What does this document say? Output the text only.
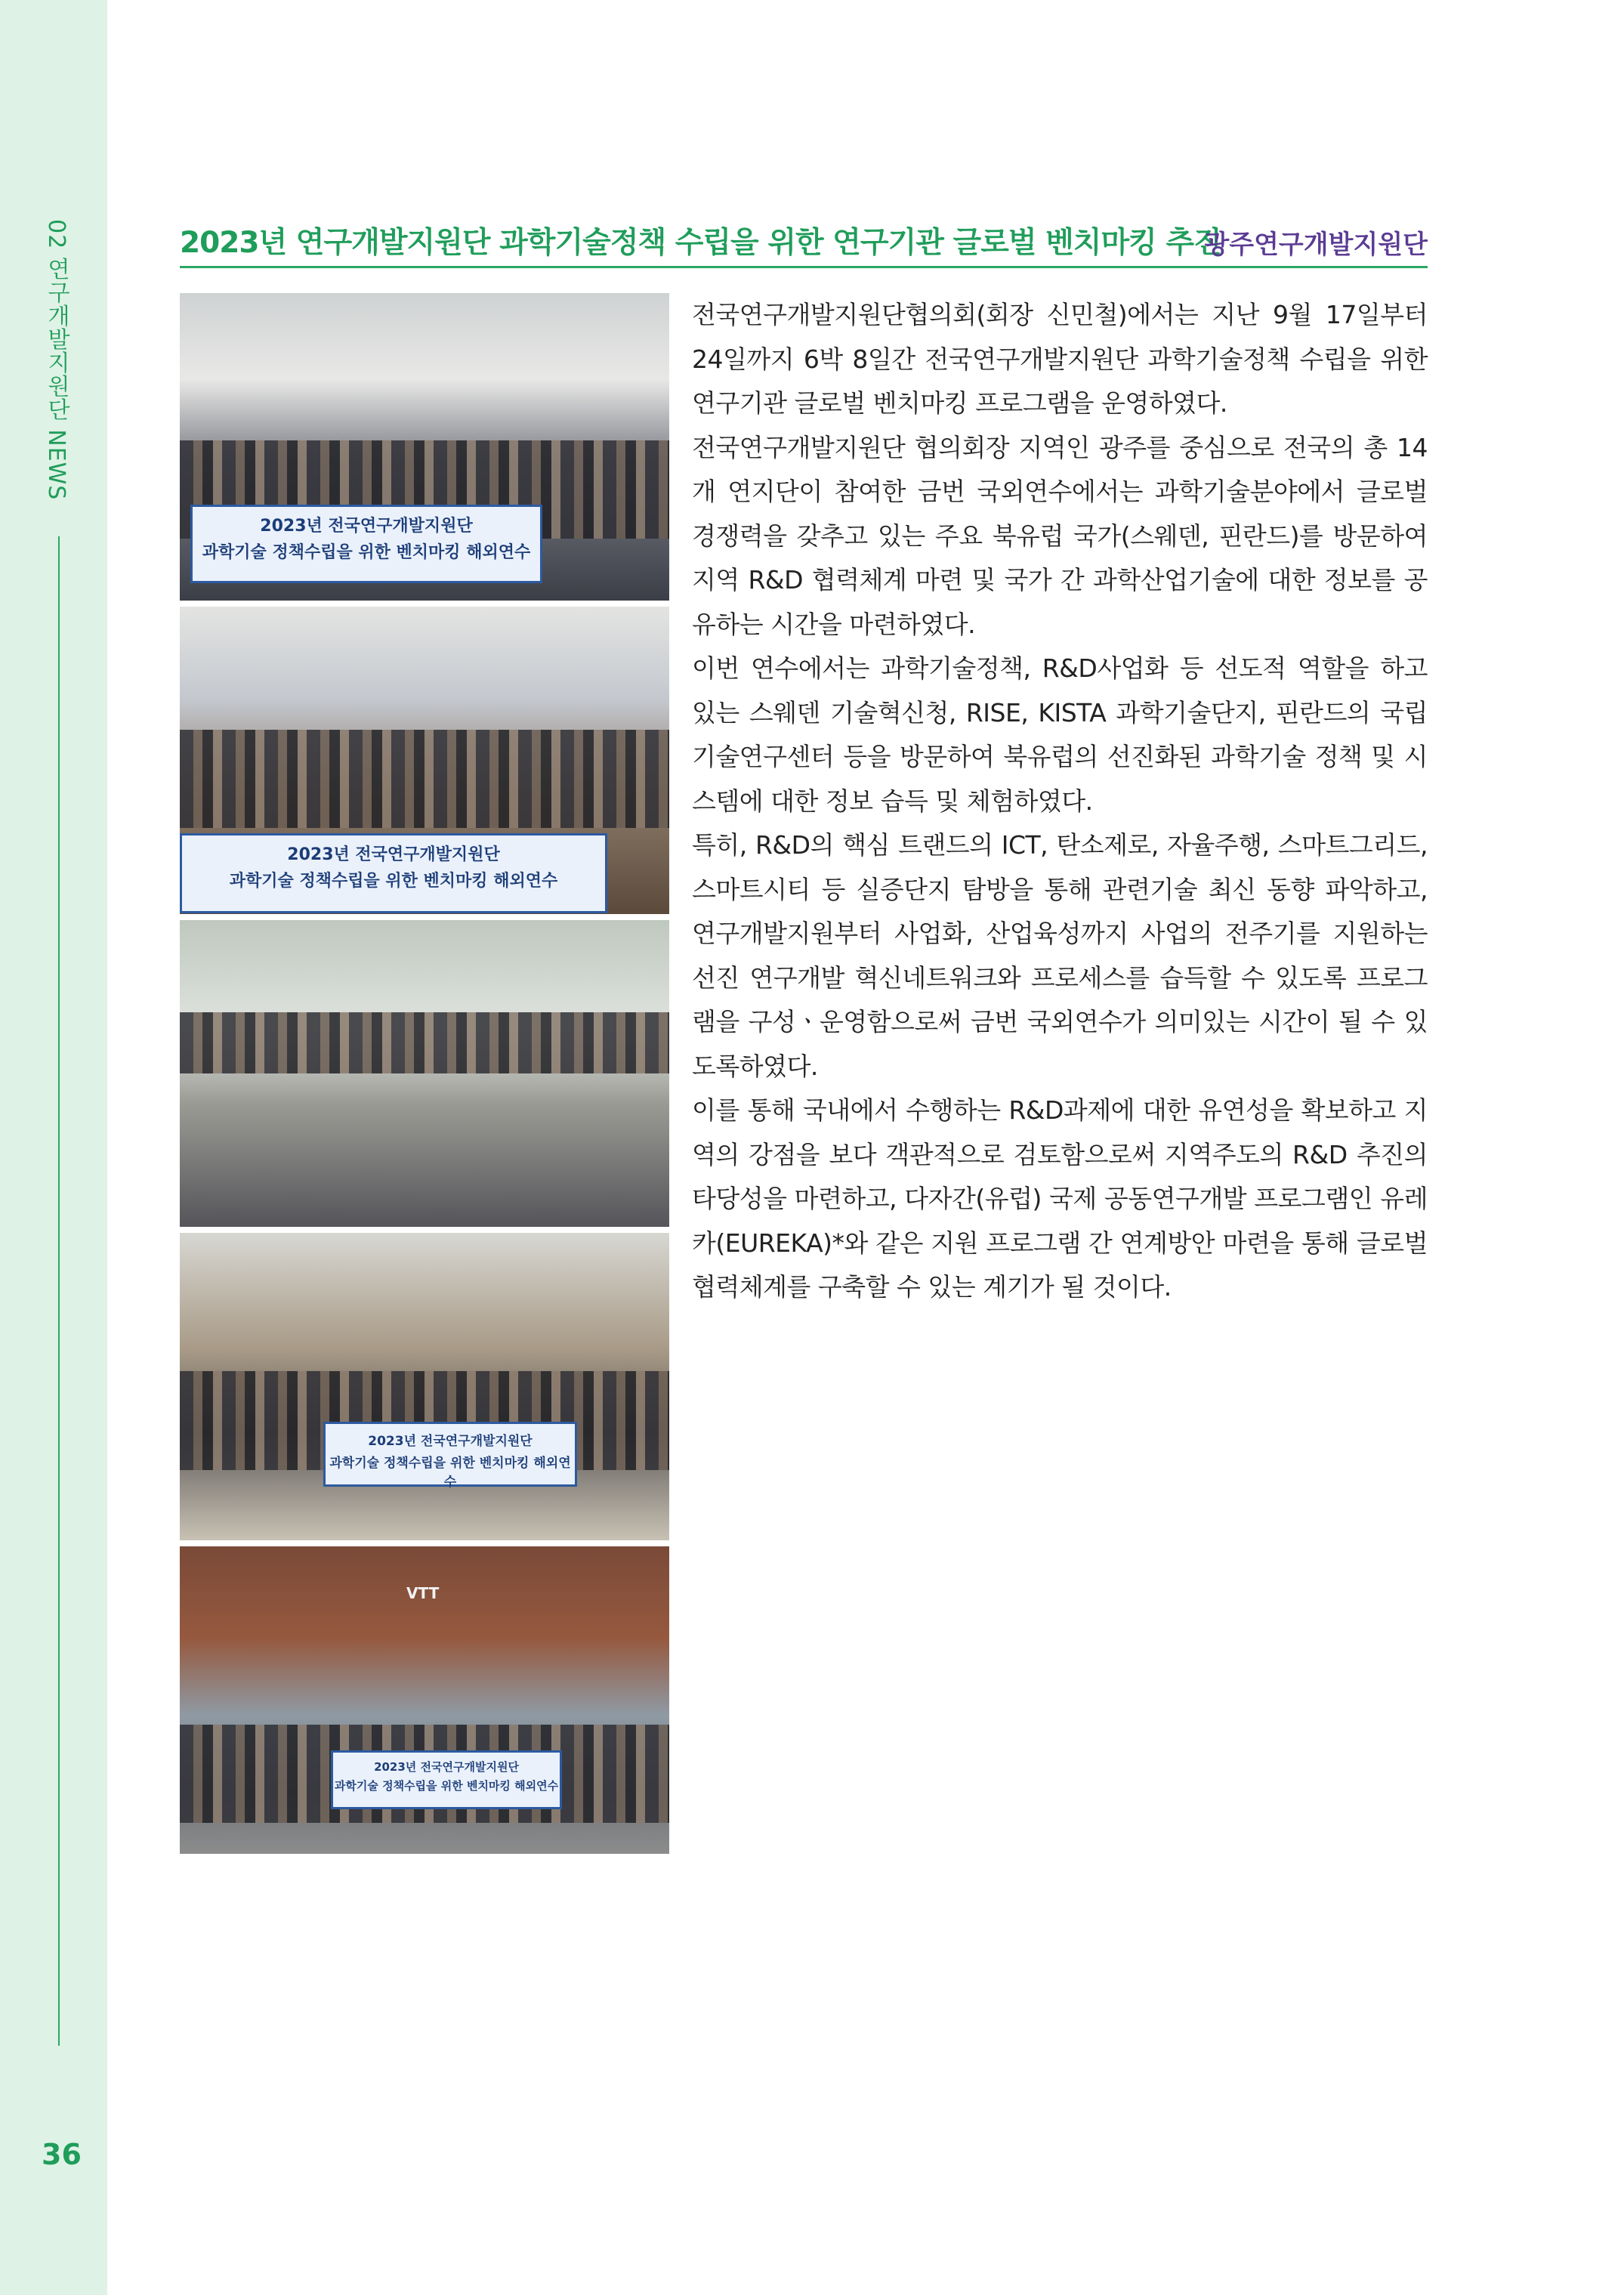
02 연구개발지원단 NEWS
36
2023년 연구개발지원단 과학기술정책 수립을 위한 연구기관 글로벌 벤치마킹 추진
광주연구개발지원단
2023년 전국연구개발지원단
과학기술 정책수립을 위한 벤치마킹 해외연수
2023년 전국연구개발지원단
과학기술 정책수립을 위한 벤치마킹 해외연수
2023년 전국연구개발지원단
과학기술 정책수립을 위한 벤치마킹 해외연수
VTT
2023년 전국연구개발지원단
과학기술 정책수립을 위한 벤치마킹 해외연수

전국연구개발지원단협의회(회장 신민철)에서는 지난 9월 17일부터 24일까지 6박 8일간 전국연구개발지원단 과학기술정책 수립을 위한 연구기관 글로벌 벤치마킹 프로그램을 운영하였다.

전국연구개발지원단 협의회장 지역인 광주를 중심으로 전국의 총 14개 연지단이 참여한 금번 국외연수에서는 과학기술분야에서 글로벌 경쟁력을 갖추고 있는 주요 북유럽 국가(스웨덴, 핀란드)를 방문하여 지역 R&D 협력체계 마련 및 국가 간 과학산업기술에 대한 정보를 공유하는 시간을 마련하였다.

이번 연수에서는 과학기술정책, R&D사업화 등 선도적 역할을 하고 있는 스웨덴 기술혁신청, RISE, KISTA 과학기술단지, 핀란드의 국립기술연구센터 등을 방문하여 북유럽의 선진화된 과학기술 정책 및 시스템에 대한 정보 습득 및 체험하였다.

특히, R&D의 핵심 트랜드의 ICT, 탄소제로, 자율주행, 스마트그리드, 스마트시티 등 실증단지 탐방을 통해 관련기술 최신 동향 파악하고, 연구개발지원부터 사업화, 산업육성까지 사업의 전주기를 지원하는 선진 연구개발 혁신네트워크와 프로세스를 습득할 수 있도록 프로그램을 구성ㆍ운영함으로써 금번 국외연수가 의미있는 시간이 될 수 있도록하였다.

이를 통해 국내에서 수행하는 R&D과제에 대한 유연성을 확보하고 지역의 강점을 보다 객관적으로 검토함으로써 지역주도의 R&D 추진의 타당성을 마련하고, 다자간(유럽) 국제 공동연구개발 프로그램인 유레카(EUREKA)*와 같은 지원 프로그램 간 연계방안 마련을 통해 글로벌 협력체계를 구축할 수 있는 계기가 될 것이다.
